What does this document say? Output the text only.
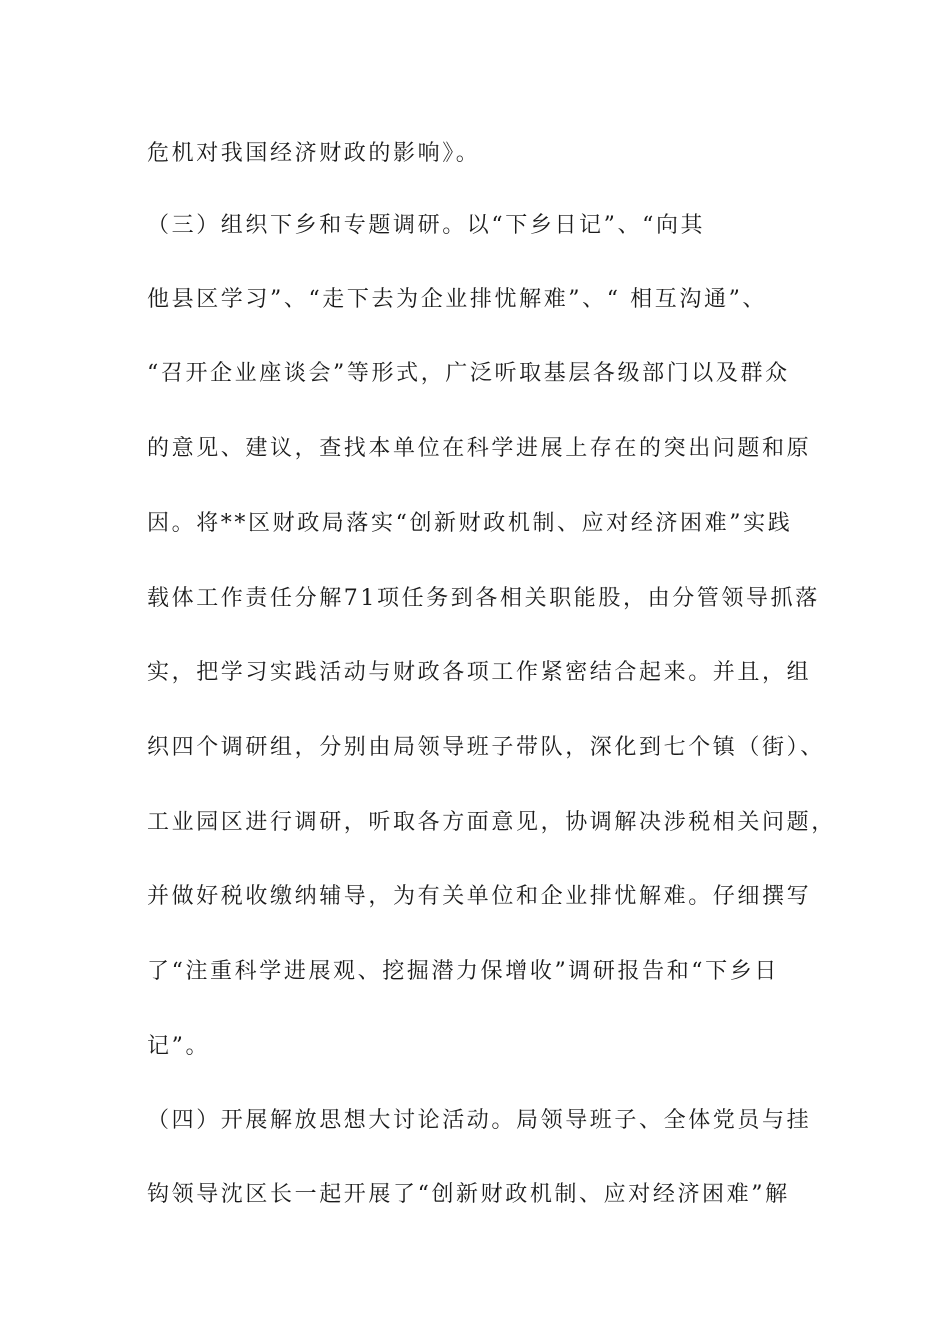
危机对我国经济财政的影响》。
（三）组织下乡和专题调研。以“下乡日记”、“向其
他县区学习”、“走下去为企业排忧解难”、“ 相互沟通”、
“召开企业座谈会”等形式，广泛听取基层各级部门以及群众
的意见、建议，查找本单位在科学进展上存在的突出问题和原
因。将**区财政局落实“创新财政机制、应对经济困难”实践
载体工作责任分解71项任务到各相关职能股，由分管领导抓落
实，把学习实践活动与财政各项工作紧密结合起来。并且，组
织四个调研组，分别由局领导班子带队，深化到七个镇（街）、
工业园区进行调研，听取各方面意见，协调解决涉税相关问题，
并做好税收缴纳辅导，为有关单位和企业排忧解难。仔细撰写
了“注重科学进展观、挖掘潜力保增收”调研报告和“下乡日
记”。
（四）开展解放思想大讨论活动。局领导班子、全体党员与挂
钩领导沈区长一起开展了“创新财政机制、应对经济困难”解
